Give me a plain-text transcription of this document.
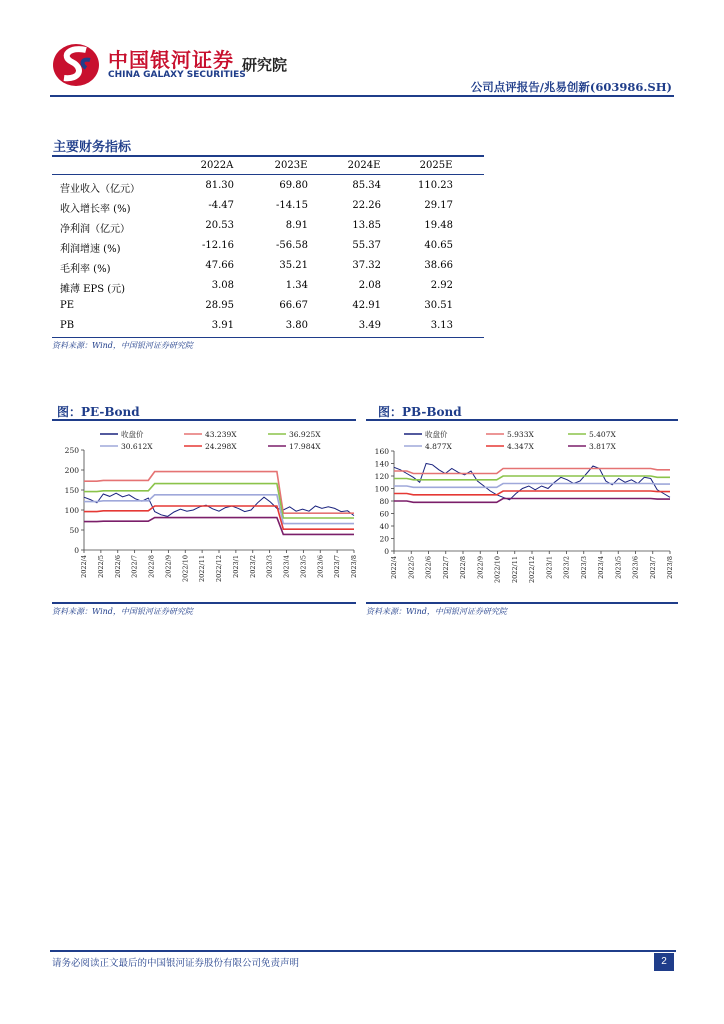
中国银河证券
CHINA GALAXY SECURITIES
研究院
公司点评报告/兆易创新(603986.SH)
主要财务指标
2022A	2023E	2024E	2025E
营业收入（亿元）	81.30	69.80	85.34	110.23
收入增长率 (%)	-4.47	-14.15	22.26	29.17
净利润（亿元）	20.53	8.91	13.85	19.48
利润增速 (%)	-12.16	-56.58	55.37	40.65
毛利率 (%)	47.66	35.21	37.32	38.66
摊薄 EPS (元)	3.08	1.34	2.08	2.92
PE	28.95	66.67	42.91	30.51
PB	3.91	3.80	3.49	3.13
资料来源：Wind，中国银河证券研究院
图：PE-Bond
0
50
100
150
200
250
2022/4 2022/5 2022/6 2022/7 2022/8 2022/9 2022/10 2022/11 2022/12 2023/1 2023/2 2023/3 2023/4 2023/5 2023/6 2023/7 2023/8
收盘价	43.239X	36.925X
30.612X	24.298X	17.984X
资料来源：Wind，中国银河证券研究院
图：PB-Bond
0
20
40
60
80
100
120
140
160
2022/4 2022/5 2022/6 2022/7 2022/8 2022/9 2022/10 2022/11 2022/12 2023/1 2023/2 2023/3 2023/4 2023/5 2023/6 2023/7 2023/8
收盘价	5.933X	5.407X
4.877X	4.347X	3.817X
资料来源：Wind，中国银河证券研究院
请务必阅读正文最后的中国银河证券股份有限公司免责声明	2
